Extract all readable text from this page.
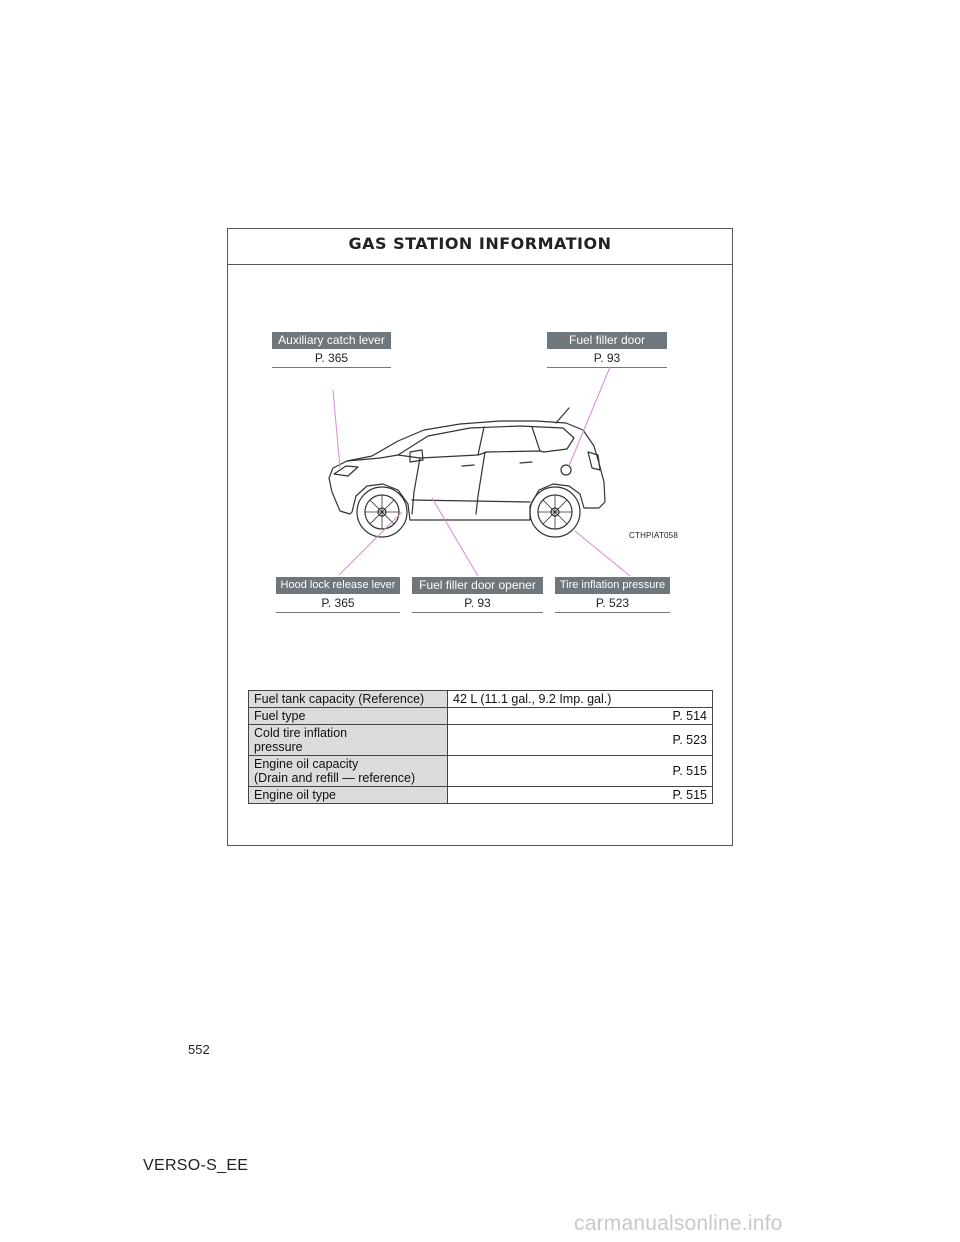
GAS STATION INFORMATION
Auxiliary catch lever
P. 365
Fuel filler door
P. 93
Hood lock release lever
P. 365
Fuel filler door opener
P. 93
Tire inflation pressure
P. 523
CTHPIAT058
Fuel tank capacity (Reference)	42 L (11.1 gal., 9.2 Imp. gal.)
Fuel type	P. 514

Cold tire inflation
pressure	P. 523

Engine oil capacity
(Drain and refill — reference)	P. 515
Engine oil type	P. 515
552
VERSO-S_EE
carmanualsonline.info
